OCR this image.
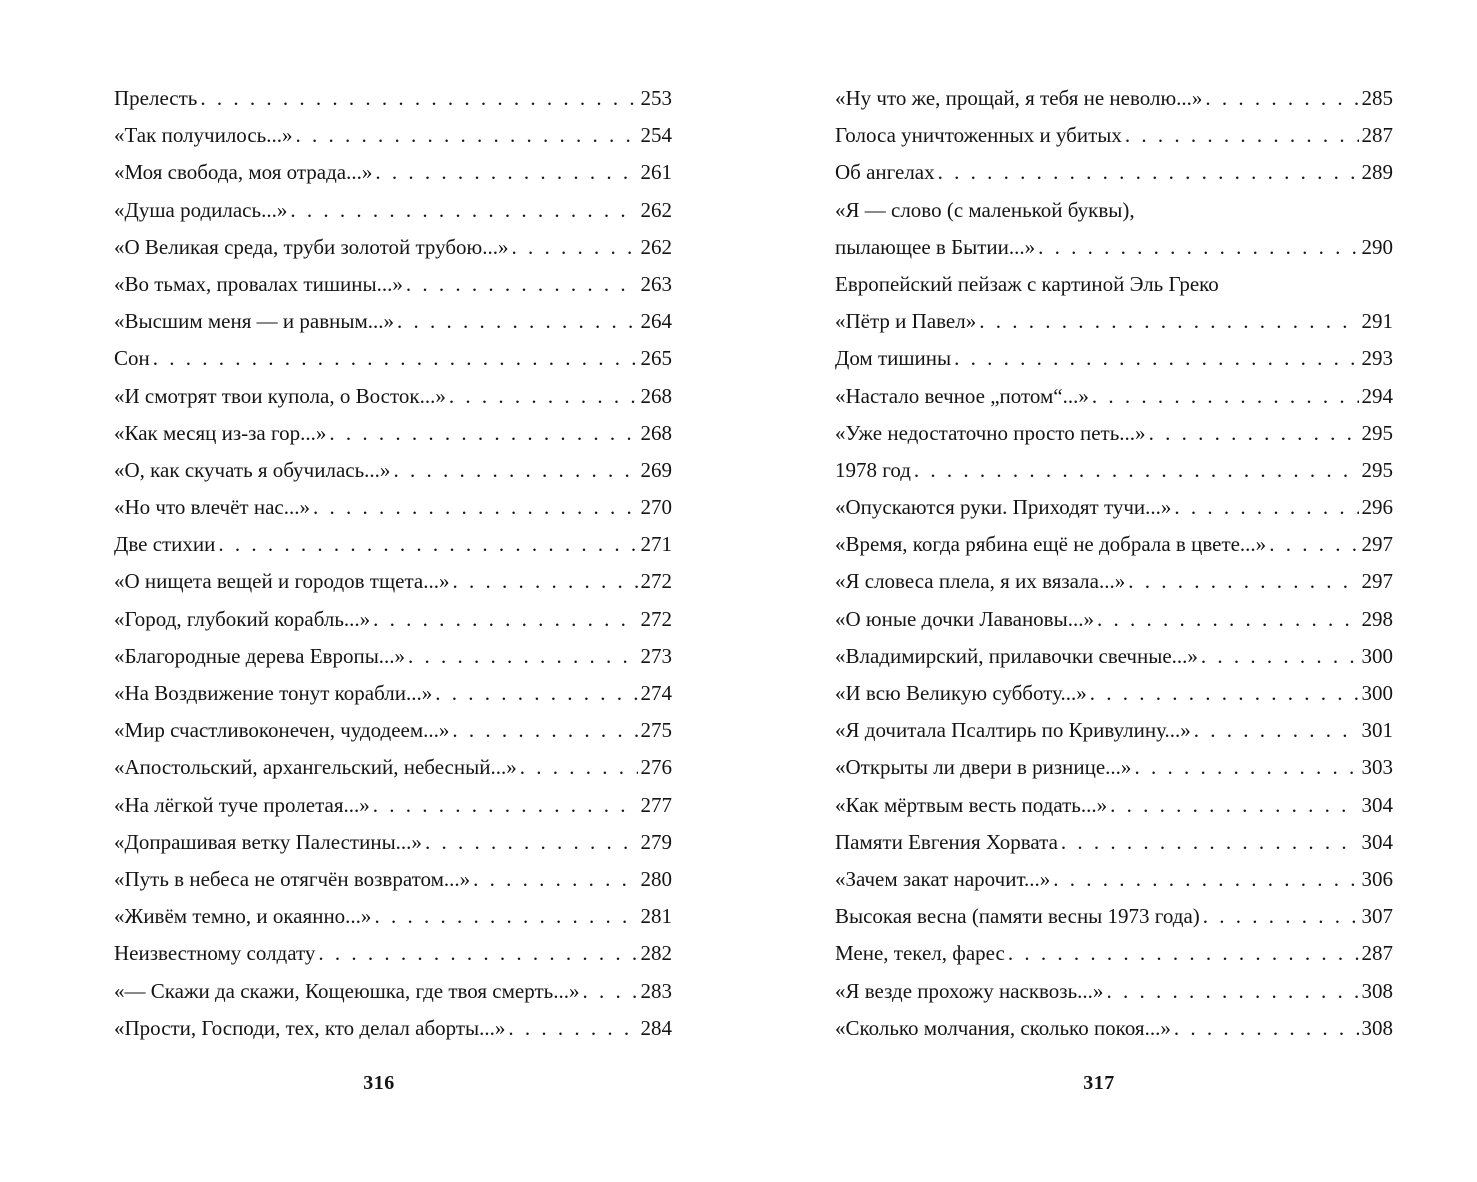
Прелесть . . .	253
«Так получилось...» . . .	254
«Моя свобода, моя отрада...» . . .	261
«Душа родилась...» . . .	262
«О Великая среда, труби золотой трубою...» . . .	262
«Во тьмах, провалах тишины...» . . .	263
«Высшим меня — и равным...» . . .	264
Сон . . .	265
«И смотрят твои купола, о Восток...» . . .	268
«Как месяц из-за гор...» . . .	268
«О, как скучать я обучилась...» . . .	269
«Но что влечёт нас...» . . .	270
Две стихии . . .	271
«О нищета вещей и городов тщета...» . . .	272
«Город, глубокий корабль...» . . .	272
«Благородные дерева Европы...» . . .	273
«На Воздвижение тонут корабли...» . . .	274
«Мир счастливоконечен, чудодеем...» . . .	275
«Апостольский, архангельский, небесный...» . . .	276
«На лёгкой туче пролетая...» . . .	277
«Допрашивая ветку Палестины...» . . .	279
«Путь в небеса не отягчён возвратом...» . . .	280
«Живём темно, и окаянно...» . . .	281
Неизвестному солдату . . .	282
«— Скажи да скажи, Кощеюшка, где твоя смерть...» . . .	283
«Прости, Господи, тех, кто делал аборты...» . . .	284
«Ну что же, прощай, я тебя не неволю...» . . .	285
Голоса уничтоженных и убитых . . .	287
Об ангелах . . .	289
«Я — слово (с маленькой буквы),
пылающее в Бытии...» . . .	290
Европейский пейзаж с картиной Эль Греко
«Пётр и Павел» . . .	291
Дом тишины . . .	293
«Настало вечное „потом“...» . . .	294
«Уже недостаточно просто петь...» . . .	295
1978 год . . .	295
«Опускаются руки. Приходят тучи...» . . .	296
«Время, когда рябина ещё не добрала в цвете...» . . .	297
«Я словеса плела, я их вязала...» . . .	297
«О юные дочки Лавановы...» . . .	298
«Владимирский, прилавочки свечные...» . . .	300
«И всю Великую субботу...» . . .	300
«Я дочитала Псалтирь по Кривулину...» . . .	301
«Открыты ли двери в ризнице...» . . .	303
«Как мёртвым весть подать...» . . .	304
Памяти Евгения Хорвата . . .	304
«Зачем закат нарочит...» . . .	306
Высокая весна (памяти весны 1973 года) . . .	307
Мене, текел, фарес . . .	287
«Я везде прохожу насквозь...» . . .	308
«Сколько молчания, сколько покоя...» . . .	308
316	317
